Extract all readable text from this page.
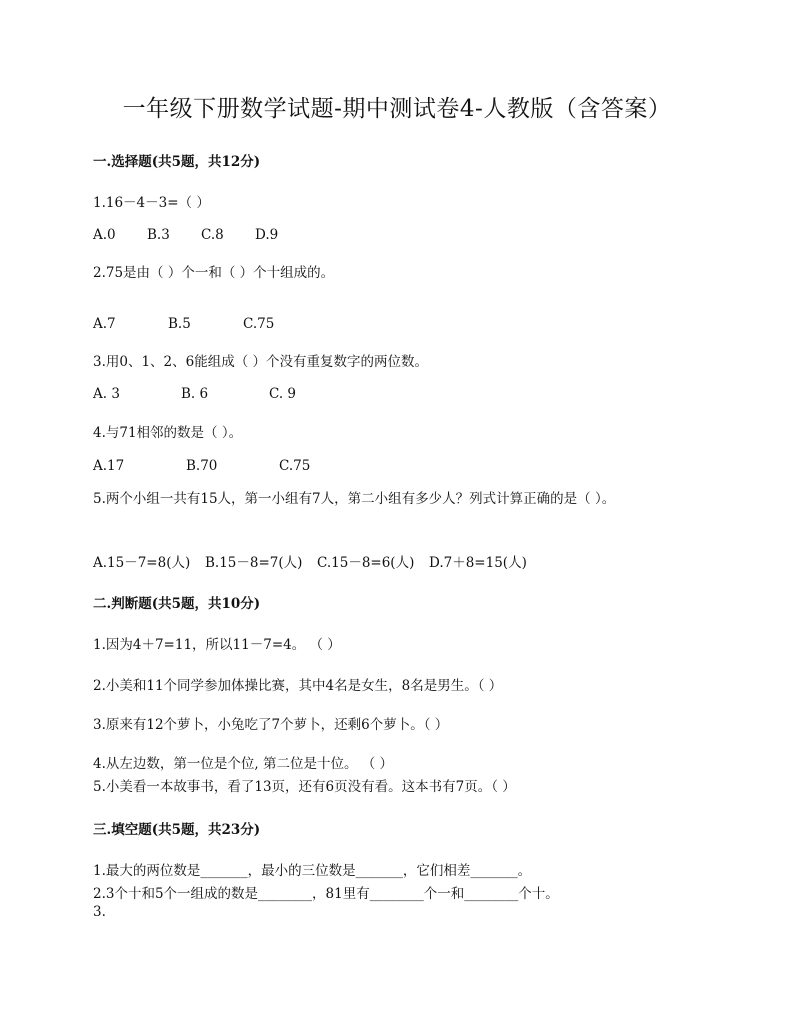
一年级下册数学试题-期中测试卷4-人教版（含答案）
一.选择题(共5题，共12分)
1.16－4－3=（ ）
A.0 B.3 C.8 D.9
2.75是由（ ）个一和（ ）个十组成的。
A.7	B.5	C.75
3.用0、1、2、6能组成（ ）个没有重复数字的两位数。
A. 3	B. 6	C. 9
4.与71相邻的数是（ ）。
A.17	B.70	C.75
5.两个小组一共有15人，第一小组有7人，第二小组有多少人？列式计算正确的是（ ）。
A.15－7=8(人) B.15－8=7(人) C.15－8=6(人) D.7＋8=15(人)
二.判断题(共5题，共10分)
1.因为4＋7=11，所以11－7=4。 （ ）
2.小美和11个同学参加体操比赛，其中4名是女生，8名是男生。（ ）
3.原来有12个萝卜，小兔吃了7个萝卜，还剩6个萝卜。（ ）
4.从左边数，第一位是个位, 第二位是十位。 （ ）
5.小美看一本故事书，看了13页，还有6页没有看。这本书有7页。（ ）
三.填空题(共5题，共23分)
1.最大的两位数是_______，最小的三位数是_______，它们相差_______。
2.3个十和5个一组成的数是________，81里有________个一和________个十。
3.
